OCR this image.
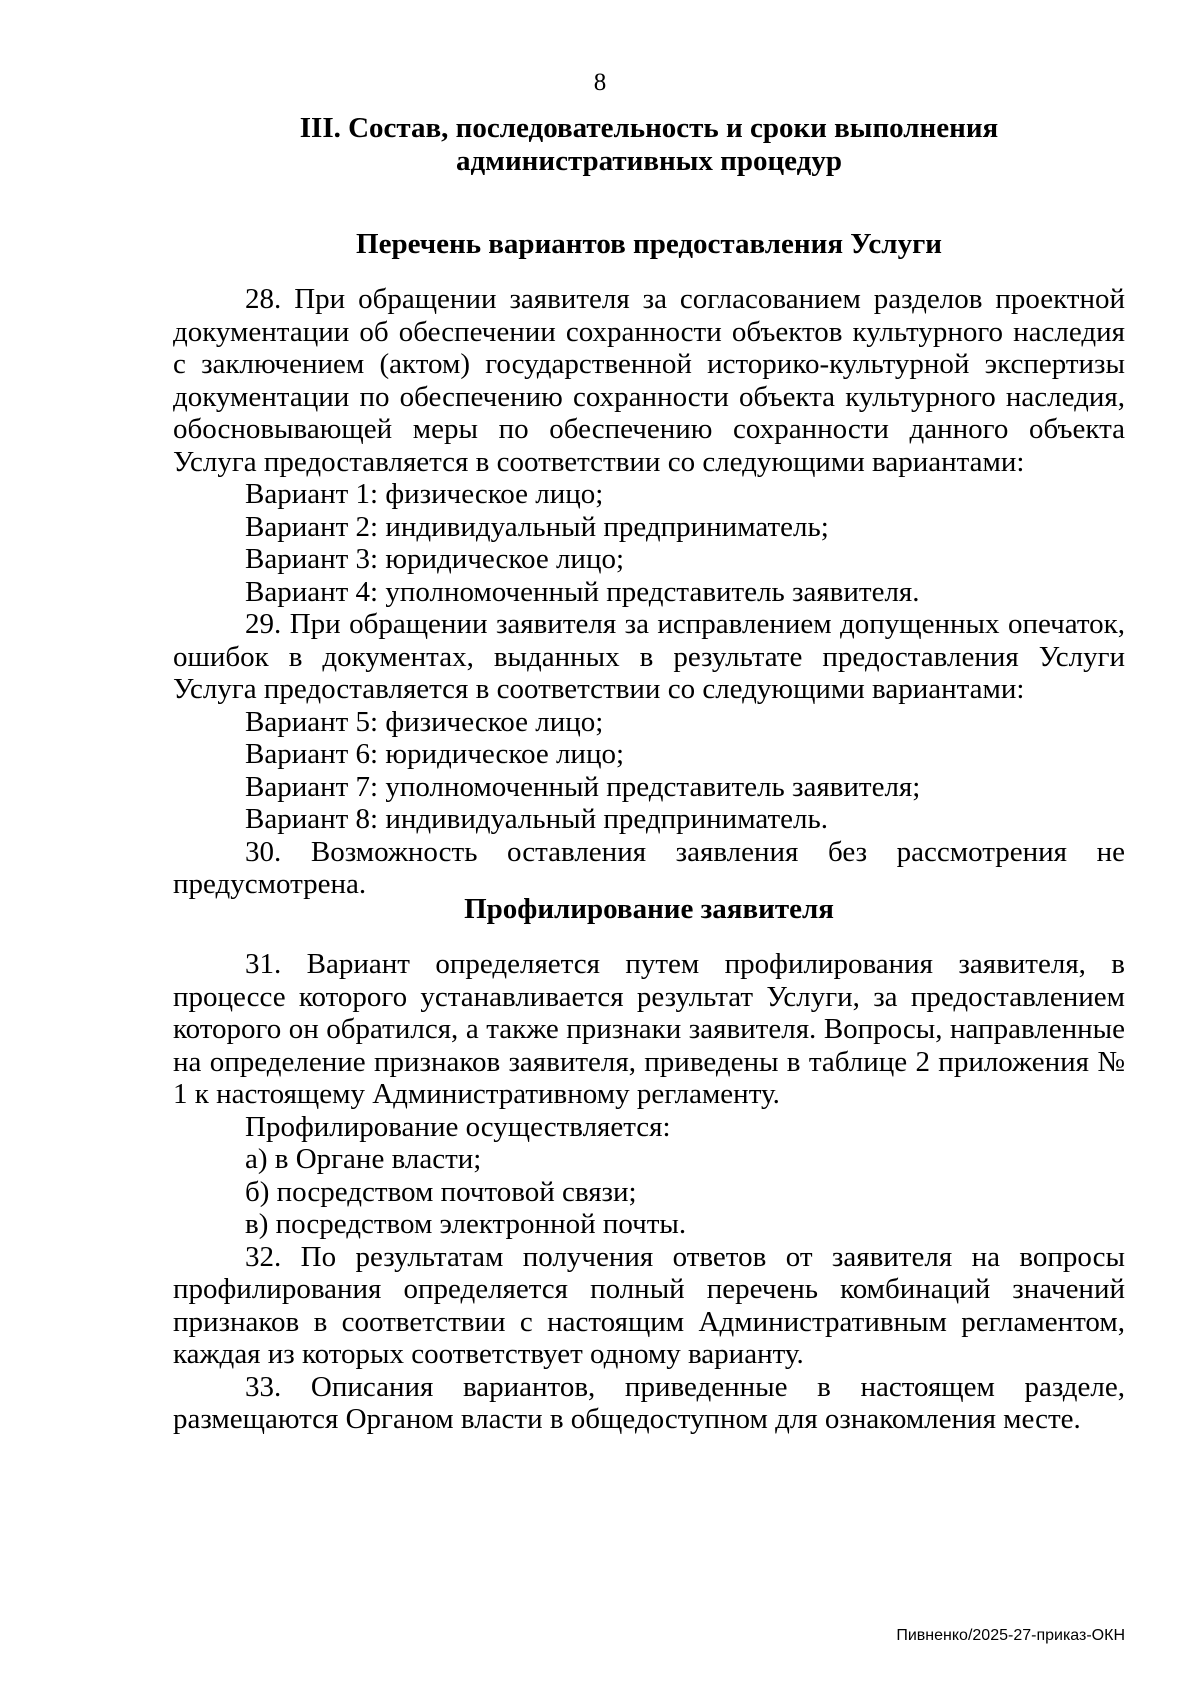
8

III. Состав, последовательность и сроки выполнения административных процедур

Перечень вариантов предоставления Услуги

28. При обращении заявителя за согласованием разделов проектной документации об обеспечении сохранности объектов культурного наследия с заключением (актом) государственной историко-культурной экспертизы документации по обеспечению сохранности объекта культурного наследия, обосновывающей меры по обеспечению сохранности данного объекта Услуга предоставляется в соответствии со следующими вариантами:

Вариант 1: физическое лицо;

Вариант 2: индивидуальный предприниматель;

Вариант 3: юридическое лицо;

Вариант 4: уполномоченный представитель заявителя.

29. При обращении заявителя за исправлением допущенных опечаток, ошибок в документах, выданных в результате предоставления Услуги Услуга предоставляется в соответствии со следующими вариантами:

Вариант 5: физическое лицо;

Вариант 6: юридическое лицо;

Вариант 7: уполномоченный представитель заявителя;

Вариант 8: индивидуальный предприниматель.

30. Возможность оставления заявления без рассмотрения не предусмотрена.

Профилирование заявителя

31. Вариант определяется путем профилирования заявителя, в процессе которого устанавливается результат Услуги, за предоставлением которого он обратился, а также признаки заявителя. Вопросы, направленные на определение признаков заявителя, приведены в таблице 2 приложения № 1 к настоящему Административному регламенту.

Профилирование осуществляется:

а) в Органе власти;

б) посредством почтовой связи;

в) посредством электронной почты.

32. По результатам получения ответов от заявителя на вопросы профилирования определяется полный перечень комбинаций значений признаков в соответствии с настоящим Административным регламентом, каждая из которых соответствует одному варианту.

33. Описания вариантов, приведенные в настоящем разделе, размещаются Органом власти в общедоступном для ознакомления месте.

Пивненко/2025-27-приказ-ОКН
